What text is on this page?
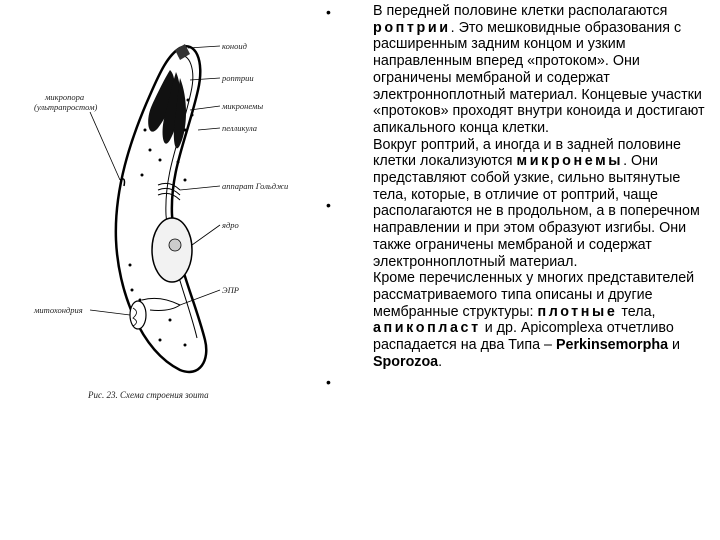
коноид
роптрии
микронемы
пелликула
аппарат Гольджи
ядро
ЭПР
микропора
(ультрапростом)
митохондрия
Рис. 23. Схема строения зоита
•
•
•

В передней половине клетки располагаются роптрии. Это мешковидные образования с расширенным задним концом и узким направленным вперед «протоком». Они ограничены мембраной и содержат электронноплотный материал. Концевые участки «протоков» проходят внутри коноида и достигают апикального конца клетки.

Вокруг роптрий, а иногда и в задней половине клетки локализуются микронемы. Они представляют собой узкие, сильно вытянутые тела, которые, в отличие от роптрий, чаще располагаются не в продольном, а в поперечном направлении и при этом образуют изгибы. Они также ограничены мембраной и содержат электронноплотный материал.

Кроме перечисленных у многих представителей рассматриваемого типа описаны и другие мембранные структуры: плотные тела, апикопласт и др. Apicomplexa отчетливо распадается на два Типа – Perkinsemorpha и Sporozoa.
